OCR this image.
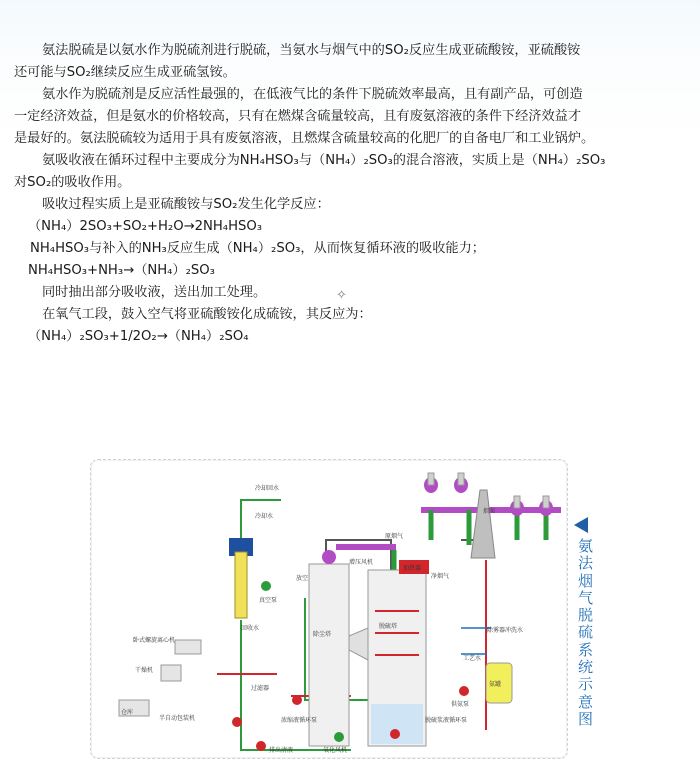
氨法脱硫是以氨水作为脱硫剂进行脱硫，当氨水与烟气中的SO₂反应生成亚硫酸铵，亚硫酸铵
还可能与SO₂继续反应生成亚硫氢铵。
氨水作为脱硫剂是反应活性最强的，在低液气比的条件下脱硫效率最高，且有副产品，可创造
一定经济效益，但是氨水的价格较高，只有在燃煤含硫量较高，且有废氨溶液的条件下经济效益才
是最好的。氨法脱硫较为适用于具有废氨溶液，且燃煤含硫量较高的化肥厂的自备电厂和工业锅炉。
氨吸收液在循环过程中主要成分为NH₄HSO₃与（NH₄）₂SO₃的混合溶液，实质上是（NH₄）₂SO₃
对SO₂的吸收作用。
吸收过程实质上是亚硫酸铵与SO₂发生化学反应：
（NH₄）2SO₃+SO₂+H₂O→2NH₄HSO₃
NH₄HSO₃与补入的NH₃反应生成（NH₄）₂SO₃，从而恢复循环液的吸收能力；
NH₄HSO₃+NH₃→（NH₄）₂SO₃
同时抽出部分吸收液，送出加工处理。
在氧气工段，鼓入空气将亚硫酸铵化成硫铵，其反应为：
（NH₄）₂SO₃+1/2O₂→（NH₄）₂SO₄
✧
冷却回水
冷却水
放空
真空泵
回收水
卧式螺旋离心机
干燥机
仓库
半自动包装机
过滤器
浓缩液循环泵
排出清液
除尘塔
脱硫塔
增压风机
原烟气
加热器
净烟气
烟囱
除雾器冲洗水
工艺水
氨罐
供氨泵
脱硫浆液循环泵
氧化风机
氨法烟气脱硫系统示意图
